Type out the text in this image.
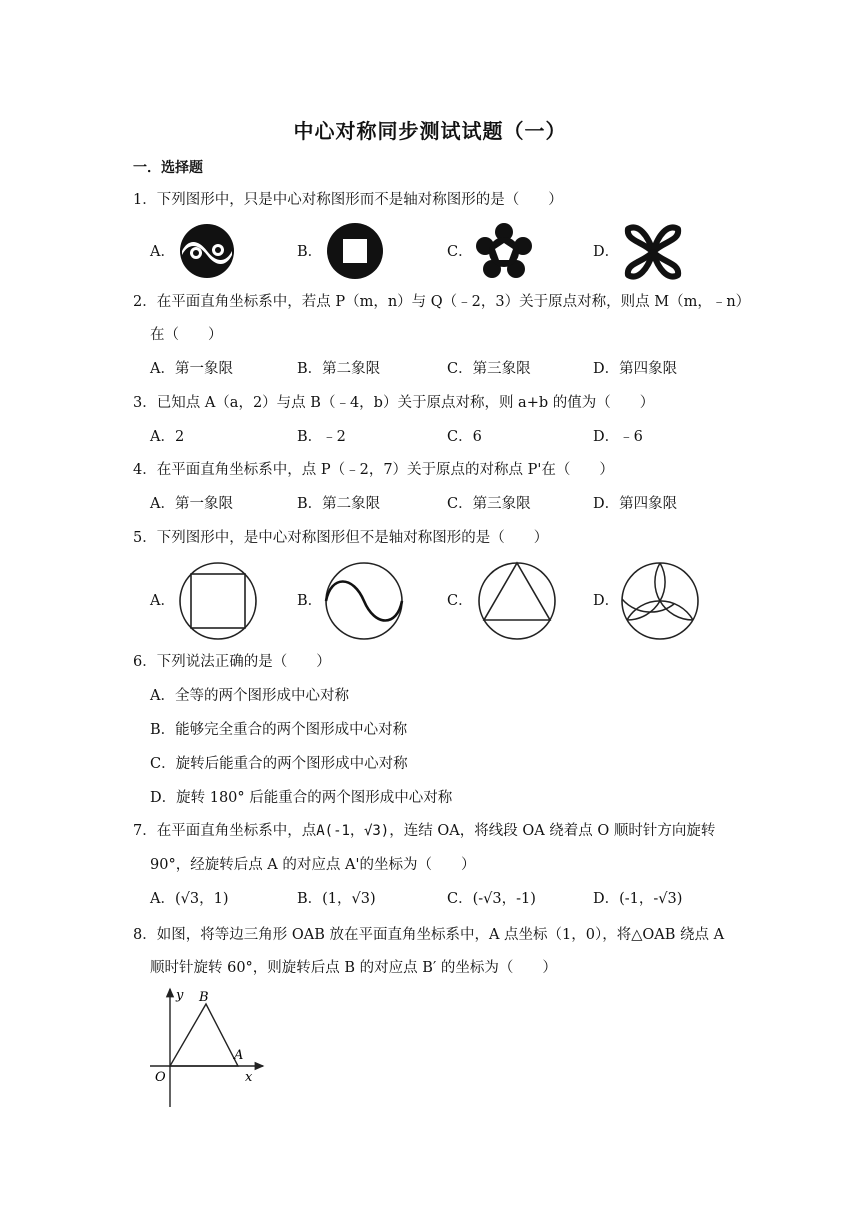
中心对称同步测试试题（一）
一．选择题
1．下列图形中，只是中心对称图形而不是轴对称图形的是（　　）
A．	B．	C．	D．
2．在平面直角坐标系中，若点 P（m，n）与 Q（﹣2，3）关于原点对称，则点 M（m，﹣n）
在（　　）
A．第一象限	B．第二象限	C．第三象限	D．第四象限
3．已知点 A（a，2）与点 B（﹣4，b）关于原点对称，则 a+b 的值为（　　）
A．2	B．﹣2	C．6	D．﹣6
4．在平面直角坐标系中，点 P（﹣2，7）关于原点的对称点 P'在（　　）
A．第一象限	B．第二象限	C．第三象限	D．第四象限
5．下列图形中，是中心对称图形但不是轴对称图形的是（　　）
A．	B．	C．	D．
6．下列说法正确的是（　　）
A．全等的两个图形成中心对称
B．能够完全重合的两个图形成中心对称
C．旋转后能重合的两个图形成中心对称
D．旋转 180° 后能重合的两个图形成中心对称
7．在平面直角坐标系中，点A(-1，√3)，连结 OA，将线段 OA 绕着点 O 顺时针方向旋转
90°，经旋转后点 A 的对应点 A'的坐标为（　　）
A．(√3，1)	B．(1，√3)	C．(-√3，-1)	D．(-1，-√3)
8．如图，将等边三角形 OAB 放在平面直角坐标系中，A 点坐标（1，0），将△OAB 绕点 A
顺时针旋转 60°，则旋转后点 B 的对应点 B′ 的坐标为（　　）
y B
A
x
O
